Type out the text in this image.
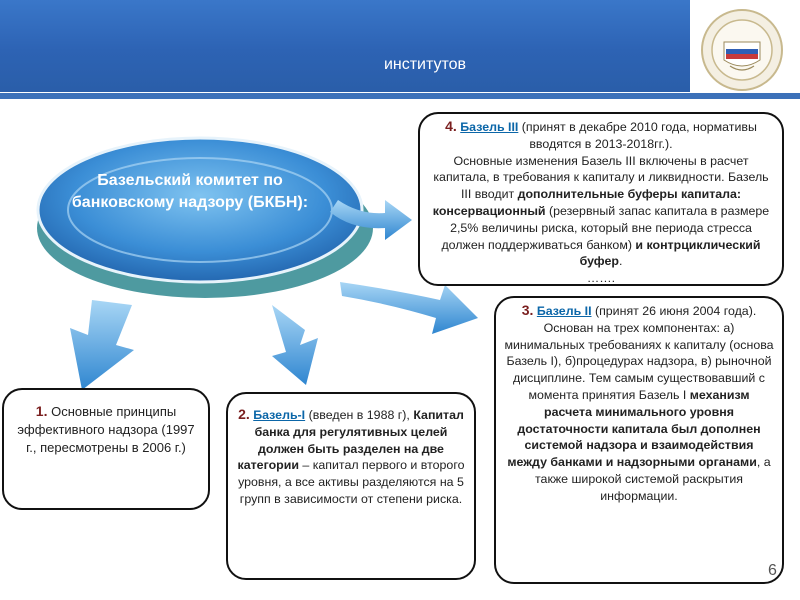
институтов
Базельский комитет по банковскому надзору (БКБН):
4. Базель III (принят в декабре 2010 года, нормативы вводятся в 2013-2018гг.).
Основные изменения Базель III включены в расчет капитала, в требования к капиталу и ликвидности. Базель III вводит дополнительные буферы капитала: консервационный (резервный запас капитала в размере 2,5% величины риска, который вне периода стресса должен поддерживаться банком) и контрциклический буфер.
…….
3. Базель II (принят 26 июня 2004 года). Основан на трех компонентах: а) минимальных требованиях к капиталу (основа Базель I), б)процедурах надзора, в) рыночной дисциплине. Тем самым существовавший с момента принятия Базель I механизм расчета минимального уровня достаточности капитала был дополнен системой надзора и взаимодействия между банками и надзорными органами, а также широкой системой раскрытия информации.
2. Базель-I (введен в 1988 г), Капитал банка для регулятивных целей должен быть разделен на две категории – капитал первого и второго уровня, а все активы разделяются на 5 групп в зависимости от степени риска.
1. Основные принципы эффективного надзора (1997 г., пересмотрены в 2006 г.)
6
